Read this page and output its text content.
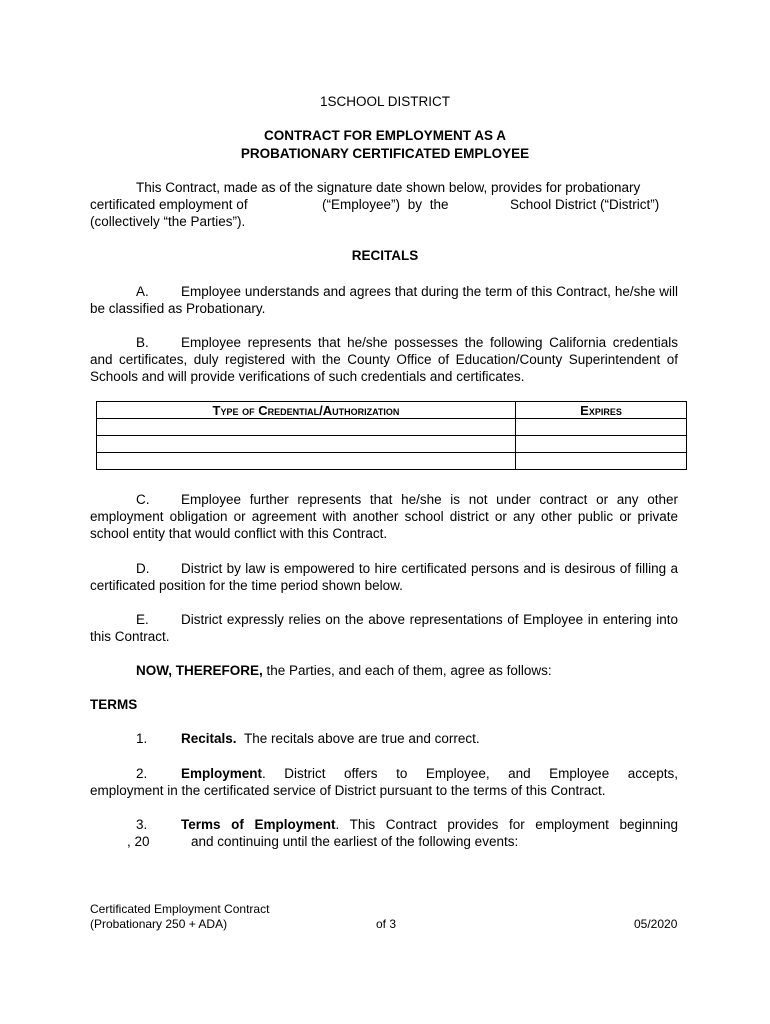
1SCHOOL DISTRICT
CONTRACT FOR EMPLOYMENT AS A
PROBATIONARY CERTIFICATED EMPLOYEE
This Contract, made as of the signature date shown below, provides for probationary
certificated employment of	(“Employee”) by the	School District (“District”)
(collectively “the Parties”).
RECITALS
A. Employee understands and agrees that during the term of this Contract, he/she will be classified as Probationary.
B. Employee represents that he/she possesses the following California credentials and certificates, duly registered with the County Office of Education/County Superintendent of Schools and will provide verifications of such credentials and certificates.
Type of Credential/Authorization	Expires

C. Employee further represents that he/she is not under contract or any other employment obligation or agreement with another school district or any other public or private school entity that would conflict with this Contract.
D. District by law is empowered to hire certificated persons and is desirous of filling a certificated position for the time period shown below.
E. District expressly relies on the above representations of Employee in entering into this Contract.
NOW, THEREFORE, the Parties, and each of them, agree as follows:
TERMS
1. Recitals. The recitals above are true and correct.
2. Employment. District offers to Employee, and Employee accepts,
employment in the certificated service of District pursuant to the terms of this Contract.
3. Terms of Employment. This Contract provides for employment beginning
, 20	and continuing until the earliest of the following events:
Certificated Employment Contract
(Probationary 250 + ADA)	of 3	05/2020
